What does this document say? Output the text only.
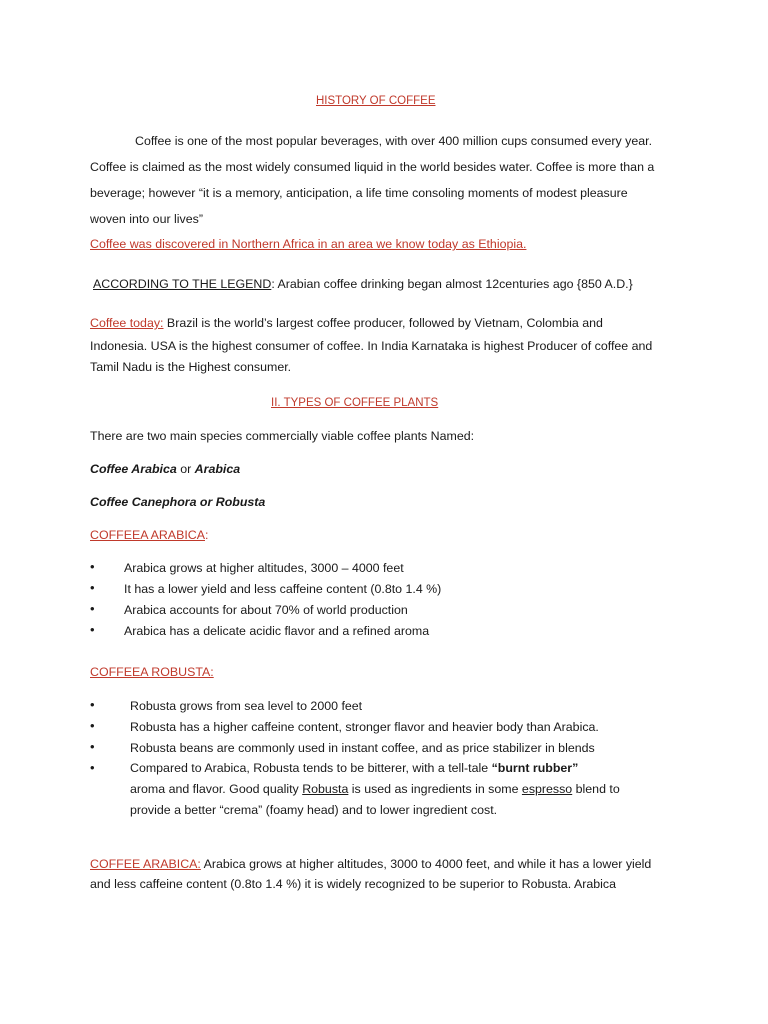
HISTORY OF COFFEE
Coffee is one of the most popular beverages, with over 400 million cups consumed every year.
Coffee is claimed as the most widely consumed liquid in the world besides water. Coffee is more than a
beverage; however “it is a memory, anticipation, a life time consoling moments of modest pleasure
woven into our lives”
Coffee was discovered in Northern Africa in an area we know today as Ethiopia.
ACCORDING TO THE LEGEND: Arabian coffee drinking began almost 12centuries ago {850 A.D.}
Coffee today: Brazil is the world’s largest coffee producer, followed by Vietnam, Colombia and
Indonesia. USA is the highest consumer of coffee. In India Karnataka is highest Producer of coffee and
Tamil Nadu is the Highest consumer.
II. TYPES OF COFFEE PLANTS
There are two main species commercially viable coffee plants Named:
Coffee Arabica or Arabica
Coffee Canephora or Robusta
COFFEEA ARABICA:
• Arabica grows at higher altitudes, 3000 – 4000 feet
• It has a lower yield and less caffeine content (0.8to 1.4 %)
• Arabica accounts for about 70% of world production
• Arabica has a delicate acidic flavor and a refined aroma
COFFEEA ROBUSTA:
•	Robusta grows from sea level to 2000 feet
•	Robusta has a higher caffeine content, stronger flavor and heavier body than Arabica.
•	Robusta beans are commonly used in instant coffee, and as price stabilizer in blends
•	Compared to Arabica, Robusta tends to be bitterer, with a tell-tale “burnt rubber”
aroma and flavor. Good quality Robusta is used as ingredients in some espresso blend to
provide a better “crema” (foamy head) and to lower ingredient cost.
COFFEE ARABICA: Arabica grows at higher altitudes, 3000 to 4000 feet, and while it has a lower yield
and less caffeine content (0.8to 1.4 %) it is widely recognized to be superior to Robusta. Arabica
